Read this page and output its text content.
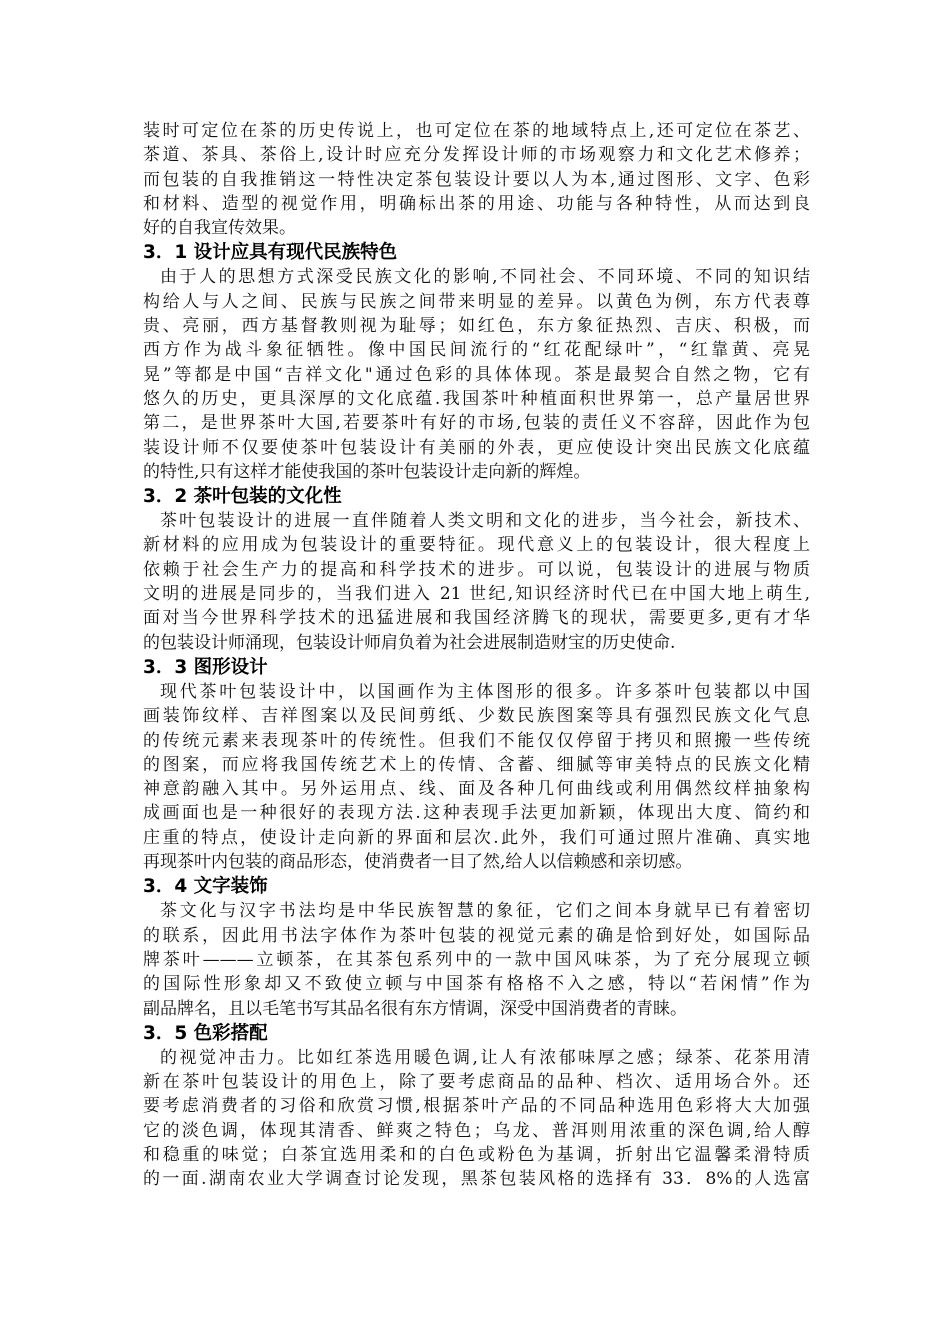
装时可定位在茶的历史传说上，也可定位在茶的地域特点上,还可定位在茶艺、
茶道、茶具、茶俗上,设计时应充分发挥设计师的市场观察力和文化艺术修养；
而包装的自我推销这一特性决定茶包装设计要以人为本,通过图形、文字、色彩
和材料、造型的视觉作用，明确标出茶的用途、功能与各种特性，从而达到良
好的自我宣传效果。
3．1 设计应具有现代民族特色
由于人的思想方式深受民族文化的影响,不同社会、不同环境、不同的知识结
构给人与人之间、民族与民族之间带来明显的差异。以黄色为例，东方代表尊
贵、亮丽，西方基督教则视为耻辱；如红色，东方象征热烈、吉庆、积极，而
西方作为战斗象征牺牲。像中国民间流行的“红花配绿叶”，“红靠黄、亮晃
晃”等都是中国“吉祥文化"通过色彩的具体体现。茶是最契合自然之物，它有
悠久的历史，更具深厚的文化底蕴.我国茶叶种植面积世界第一，总产量居世界
第二，是世界茶叶大国,若要茶叶有好的市场,包装的责任义不容辞，因此作为包
装设计师不仅要使茶叶包装设计有美丽的外表，更应使设计突出民族文化底蕴
的特性,只有这样才能使我国的茶叶包装设计走向新的辉煌。
3．2 茶叶包装的文化性
茶叶包装设计的进展一直伴随着人类文明和文化的进步，当今社会，新技术、
新材料的应用成为包装设计的重要特征。现代意义上的包装设计，很大程度上
依赖于社会生产力的提高和科学技术的进步。可以说，包装设计的进展与物质
文明的进展是同步的，当我们进入 21 世纪,知识经济时代已在中国大地上萌生,
面对当今世界科学技术的迅猛进展和我国经济腾飞的现状，需要更多,更有才华
的包装设计师涌现，包装设计师肩负着为社会进展制造财宝的历史使命.
3．3 图形设计
现代茶叶包装设计中，以国画作为主体图形的很多。许多茶叶包装都以中国
画装饰纹样、吉祥图案以及民间剪纸、少数民族图案等具有强烈民族文化气息
的传统元素来表现茶叶的传统性。但我们不能仅仅停留于拷贝和照搬一些传统
的图案，而应将我国传统艺术上的传情、含蓄、细腻等审美特点的民族文化精
神意韵融入其中。另外运用点、线、面及各种几何曲线或利用偶然纹样抽象构
成画面也是一种很好的表现方法.这种表现手法更加新颖，体现出大度、简约和
庄重的特点，使设计走向新的界面和层次.此外，我们可通过照片准确、真实地
再现茶叶内包装的商品形态，使消费者一目了然,给人以信赖感和亲切感。
3．4 文字装饰
茶文化与汉字书法均是中华民族智慧的象征，它们之间本身就早已有着密切
的联系，因此用书法字体作为茶叶包装的视觉元素的确是恰到好处，如国际品
牌茶叶———立顿茶，在其茶包系列中的一款中国风味茶，为了充分展现立顿
的国际性形象却又不致使立顿与中国茶有格格不入之感，特以“若闲情”作为
副品牌名，且以毛笔书写其品名很有东方情调，深受中国消费者的青睐。
3．5 色彩搭配
的视觉冲击力。比如红茶选用暖色调,让人有浓郁味厚之感；绿茶、花茶用清
新在茶叶包装设计的用色上，除了要考虑商品的品种、档次、适用场合外。还
要考虑消费者的习俗和欣赏习惯,根据茶叶产品的不同品种选用色彩将大大加强
它的淡色调，体现其清香、鲜爽之特色；乌龙、普洱则用浓重的深色调,给人醇
和稳重的味觉；白茶宜选用柔和的白色或粉色为基调，折射出它温馨柔滑特质
的一面.湖南农业大学调查讨论发现，黑茶包装风格的选择有 33．8%的人选富
